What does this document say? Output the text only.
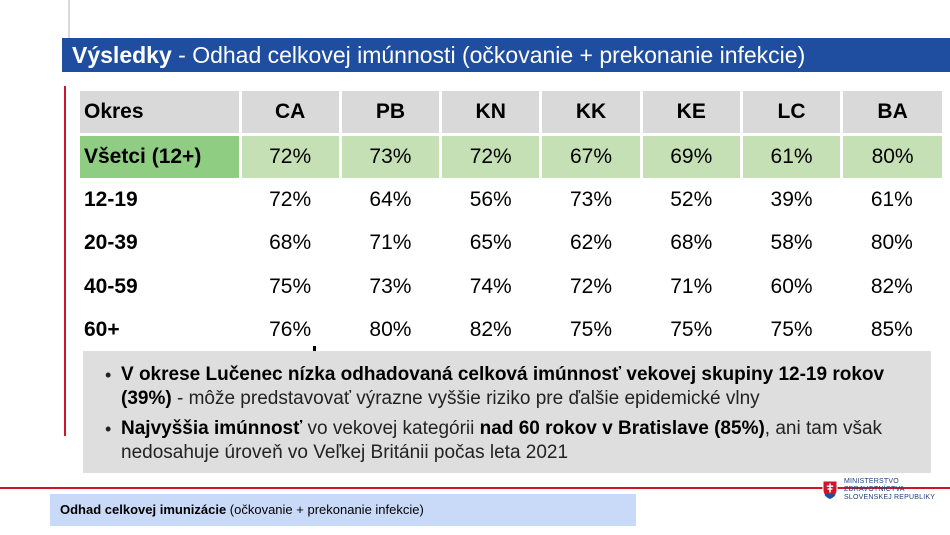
Výsledky - Odhad celkovej imúnnosti (očkovanie + prekonanie infekcie)
Okres	CA	PB	KN	KK	KE	LC	BA
Všetci (12+)	72%	73%	72%	67%	69%	61%	80%
12-19	72%	64%	56%	73%	52%	39%	61%
20-39	68%	71%	65%	62%	68%	58%	80%
40-59	75%	73%	74%	72%	71%	60%	82%
60+	76%	80%	82%	75%	75%	75%	85%

• V okrese Lučenec nízka odhadovaná celková imúnnosť vekovej skupiny 12-19 rokov (39%) - môže predstavovať výrazne vyššie riziko pre ďalšie epidemické vlny

• Najvyššia imúnnosť vo vekovej kategórii nad 60 rokov v Bratislave (85%), ani tam však nedosahuje úroveň vo Veľkej Británii počas leta 2021

Odhad celkovej imunizácie (očkovanie + prekonanie infekcie)
MINISTERSTVO
ZDRAVOTNÍCTVA
SLOVENSKEJ REPUBLIKY
